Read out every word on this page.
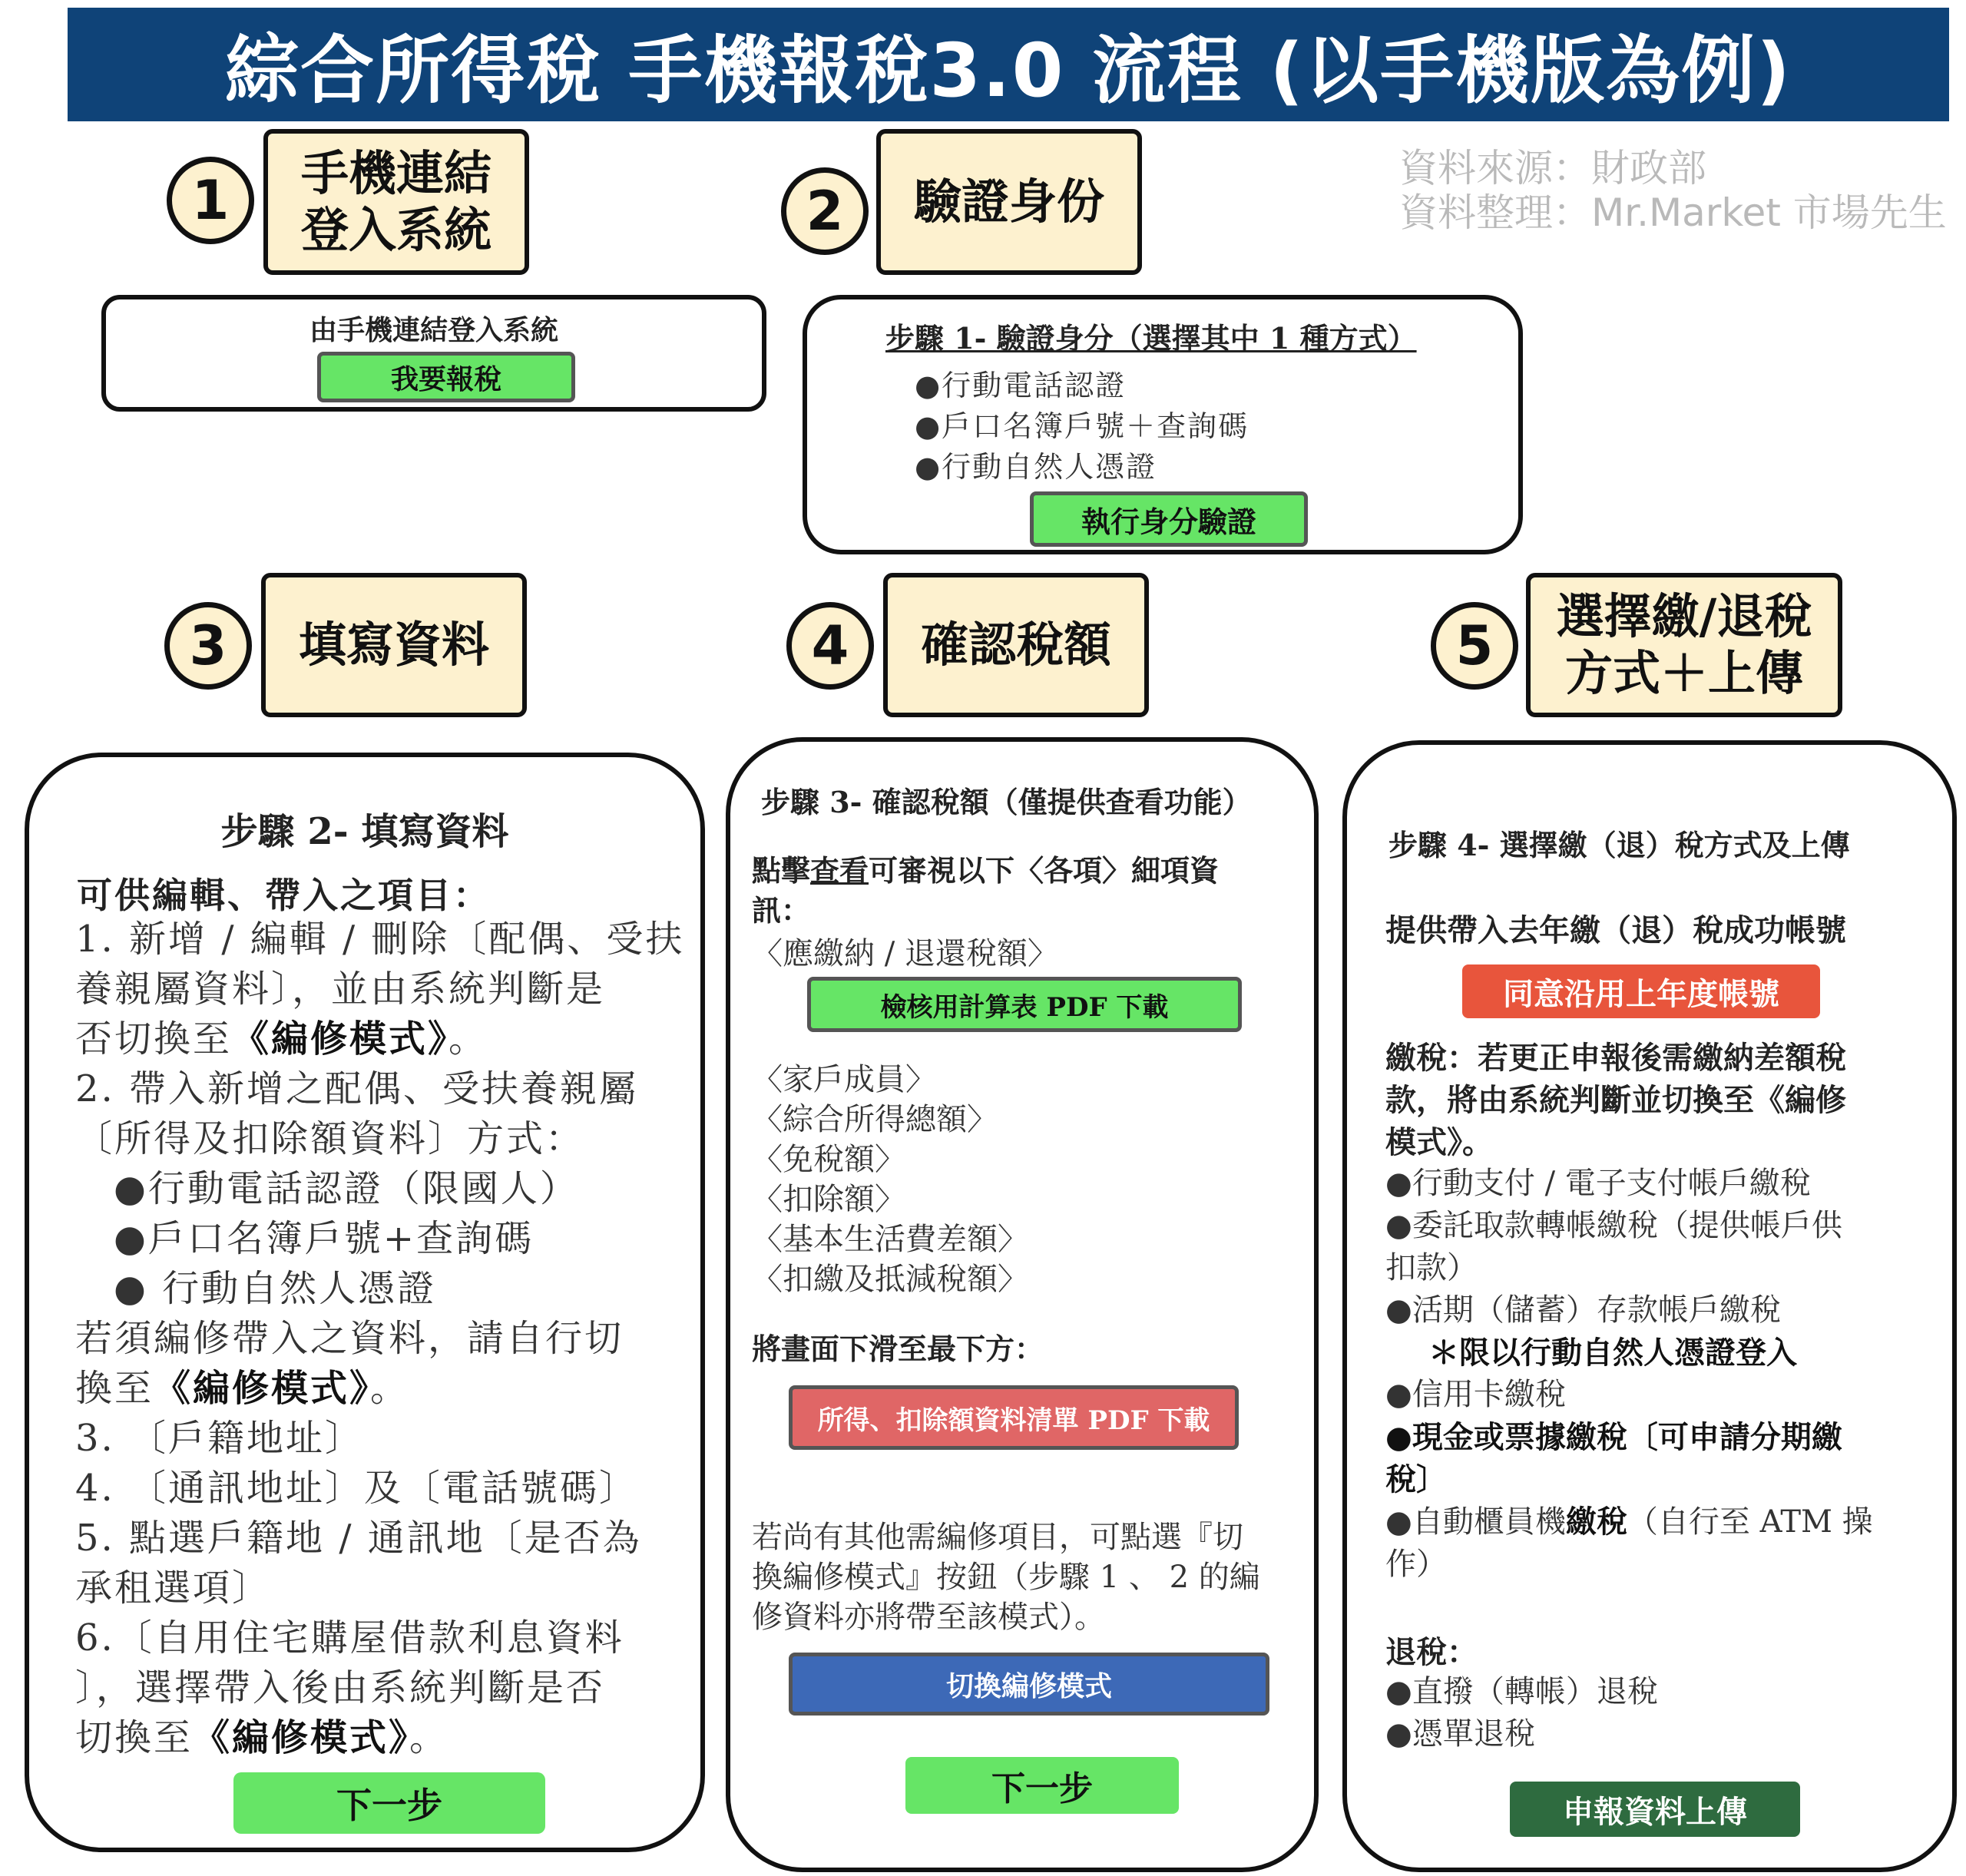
綜合所得稅 手機報稅3.0 流程 (以手機版為例)
資料來源：財政部
資料整理：Mr.Market 市場先生
1	手機連結
登入系統	2	驗證身份
3	填寫資料	4	確認稅額	5	選擇繳/退稅
方式＋上傳
由手機連結登入系統
我要報稅
步驟 1- 驗證身分（選擇其中 1 種方式）
●行動電話認證
●戶口名簿戶號＋查詢碼
●行動自然人憑證
執行身分驗證
步驟 2- 填寫資料
可供編輯、帶入之項目：
1. 新增 / 編輯 / 刪除〔配偶、受扶
養親屬資料〕，並由系統判斷是
否切換至《編修模式》。
2. 帶入新增之配偶、受扶養親屬
〔所得及扣除額資料〕方式：
●行動電話認證（限國人）
●戶口名簿戶號+查詢碼
● 行動自然人憑證
若須編修帶入之資料，請自行切
換至《編修模式》。
3. 〔戶籍地址〕
4. 〔通訊地址〕及〔電話號碼〕
5. 點選戶籍地 / 通訊地〔是否為
承租選項〕
6.〔自用住宅購屋借款利息資料
〕，選擇帶入後由系統判斷是否
切換至《編修模式》。
下一步
步驟 3- 確認稅額（僅提供查看功能）
點擊查看可審視以下〈各項〉細項資
訊：
〈應繳納 / 退還稅額〉
檢核用計算表 PDF 下載
〈家戶成員〉
〈綜合所得總額〉
〈免稅額〉
〈扣除額〉
〈基本生活費差額〉
〈扣繳及抵減稅額〉
將畫面下滑至最下方：
所得、扣除額資料清單 PDF 下載
若尚有其他需編修項目，可點選『切
換編修模式』按鈕（步驟 1 、 2 的編
修資料亦將帶至該模式）。
切換編修模式
下一步
步驟 4- 選擇繳（退）稅方式及上傳
提供帶入去年繳（退）稅成功帳號
同意沿用上年度帳號
繳稅：若更正申報後需繳納差額稅
款，將由系統判斷並切換至《編修
模式》。
●行動支付 / 電子支付帳戶繳稅
●委託取款轉帳繳稅（提供帳戶供
扣款）
●活期（儲蓄）存款帳戶繳稅
＊限以行動自然人憑證登入
●信用卡繳稅
●現金或票據繳稅〔可申請分期繳
稅〕
●自動櫃員機繳稅（自行至 ATM 操
作）
退稅：
●直撥（轉帳）退稅
●憑單退稅
申報資料上傳
